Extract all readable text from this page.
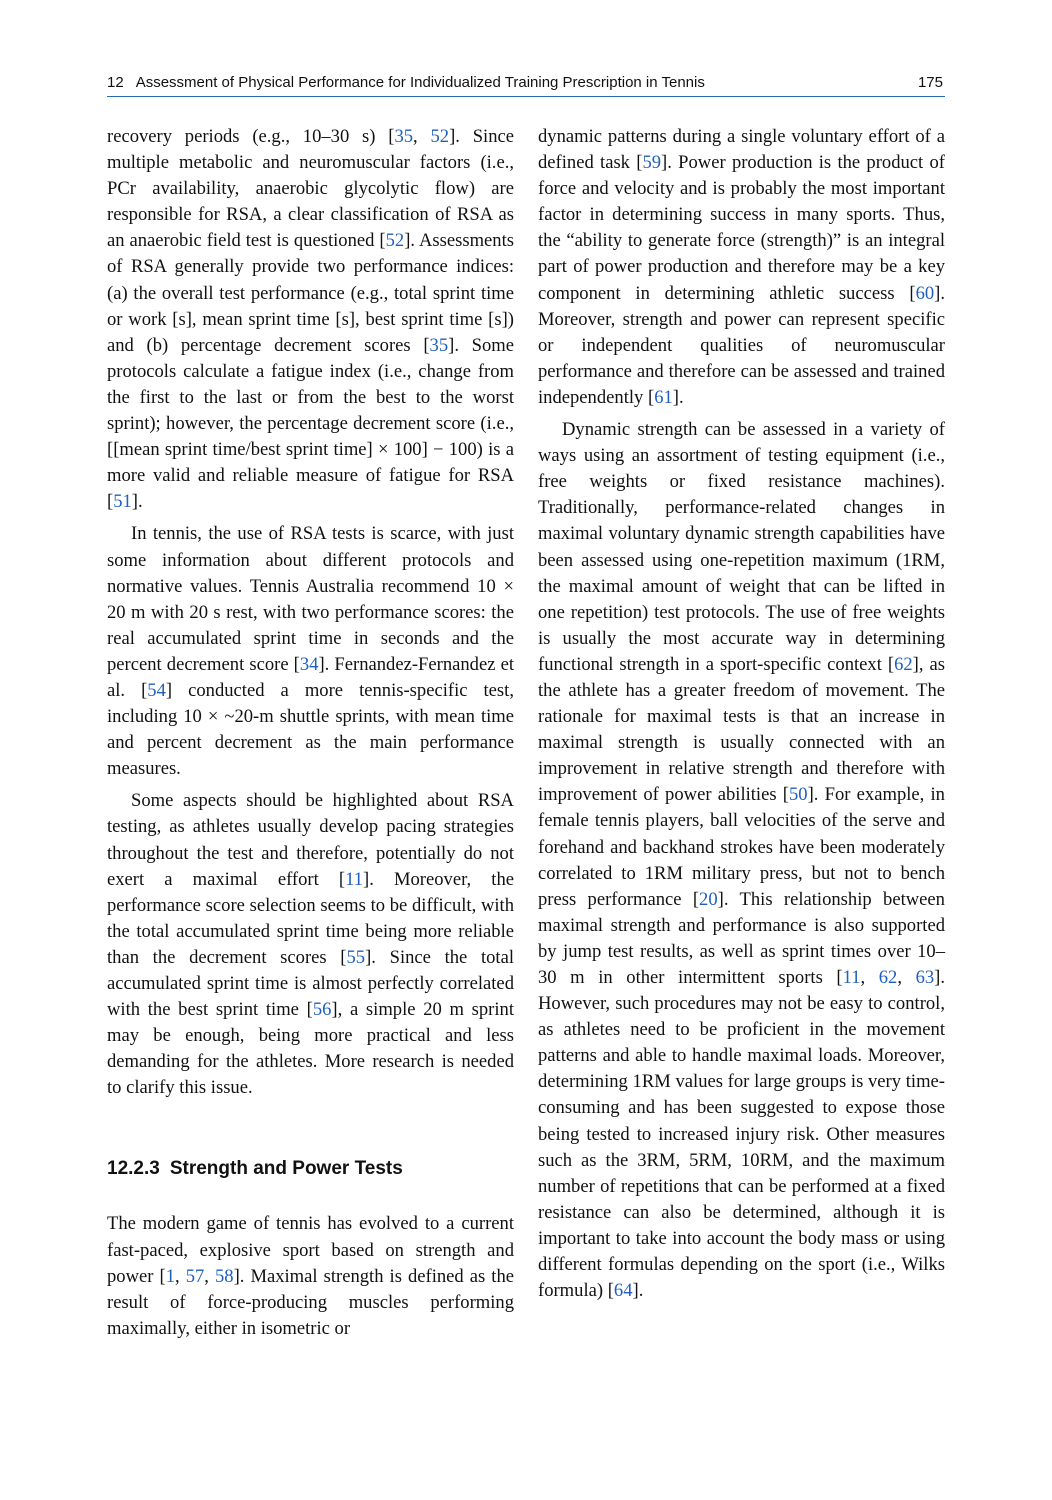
12 Assessment of Physical Performance for Individualized Training Prescription in Tennis	175

recovery periods (e.g., 10–30 s) [35, 52]. Since multiple metabolic and neuromuscular factors (i.e., PCr availability, anaerobic glycolytic flow) are responsible for RSA, a clear classification of RSA as an anaerobic field test is questioned [52]. Assessments of RSA generally provide two performance indices: (a) the overall test performance (e.g., total sprint time or work [s], mean sprint time [s], best sprint time [s]) and (b) percentage decrement scores [35]. Some protocols calculate a fatigue index (i.e., change from the first to the last or from the best to the worst sprint); however, the percentage decrement score (i.e., [[mean sprint time/best sprint time] × 100] − 100) is a more valid and reliable measure of fatigue for RSA [51].

In tennis, the use of RSA tests is scarce, with just some information about different protocols and normative values. Tennis Australia recommend 10 × 20 m with 20 s rest, with two performance scores: the real accumulated sprint time in seconds and the percent decrement score [34]. Fernandez-Fernandez et al. [54] conducted a more tennis-specific test, including 10 × ~20-m shuttle sprints, with mean time and percent decrement as the main performance measures.

Some aspects should be highlighted about RSA testing, as athletes usually develop pacing strategies throughout the test and therefore, potentially do not exert a maximal effort [11]. Moreover, the performance score selection seems to be difficult, with the total accumulated sprint time being more reliable than the decrement scores [55]. Since the total accumulated sprint time is almost perfectly correlated with the best sprint time [56], a simple 20 m sprint may be enough, being more practical and less demanding for the athletes. More research is needed to clarify this issue.

12.2.3 Strength and Power Tests

The modern game of tennis has evolved to a current fast-paced, explosive sport based on strength and power [1, 57, 58]. Maximal strength is defined as the result of force-producing muscles performing maximally, either in isometric or

dynamic patterns during a single voluntary effort of a defined task [59]. Power production is the product of force and velocity and is probably the most important factor in determining success in many sports. Thus, the “ability to generate force (strength)” is an integral part of power production and therefore may be a key component in determining athletic success [60]. Moreover, strength and power can represent specific or independent qualities of neuromuscular performance and therefore can be assessed and trained independently [61].

Dynamic strength can be assessed in a variety of ways using an assortment of testing equipment (i.e., free weights or fixed resistance machines). Traditionally, performance-related changes in maximal voluntary dynamic strength capabilities have been assessed using one-repetition maximum (1RM, the maximal amount of weight that can be lifted in one repetition) test protocols. The use of free weights is usually the most accurate way in determining functional strength in a sport-specific context [62], as the athlete has a greater freedom of movement. The rationale for maximal tests is that an increase in maximal strength is usually connected with an improvement in relative strength and therefore with improvement of power abilities [50]. For example, in female tennis players, ball velocities of the serve and forehand and backhand strokes have been moderately correlated to 1RM military press, but not to bench press performance [20]. This relationship between maximal strength and performance is also supported by jump test results, as well as sprint times over 10–30 m in other intermittent sports [11, 62, 63]. However, such procedures may not be easy to control, as athletes need to be proficient in the movement patterns and able to handle maximal loads. Moreover, determining 1RM values for large groups is very time-consuming and has been suggested to expose those being tested to increased injury risk. Other measures such as the 3RM, 5RM, 10RM, and the maximum number of repetitions that can be performed at a fixed resistance can also be determined, although it is important to take into account the body mass or using different formulas depending on the sport (i.e., Wilks formula) [64].
